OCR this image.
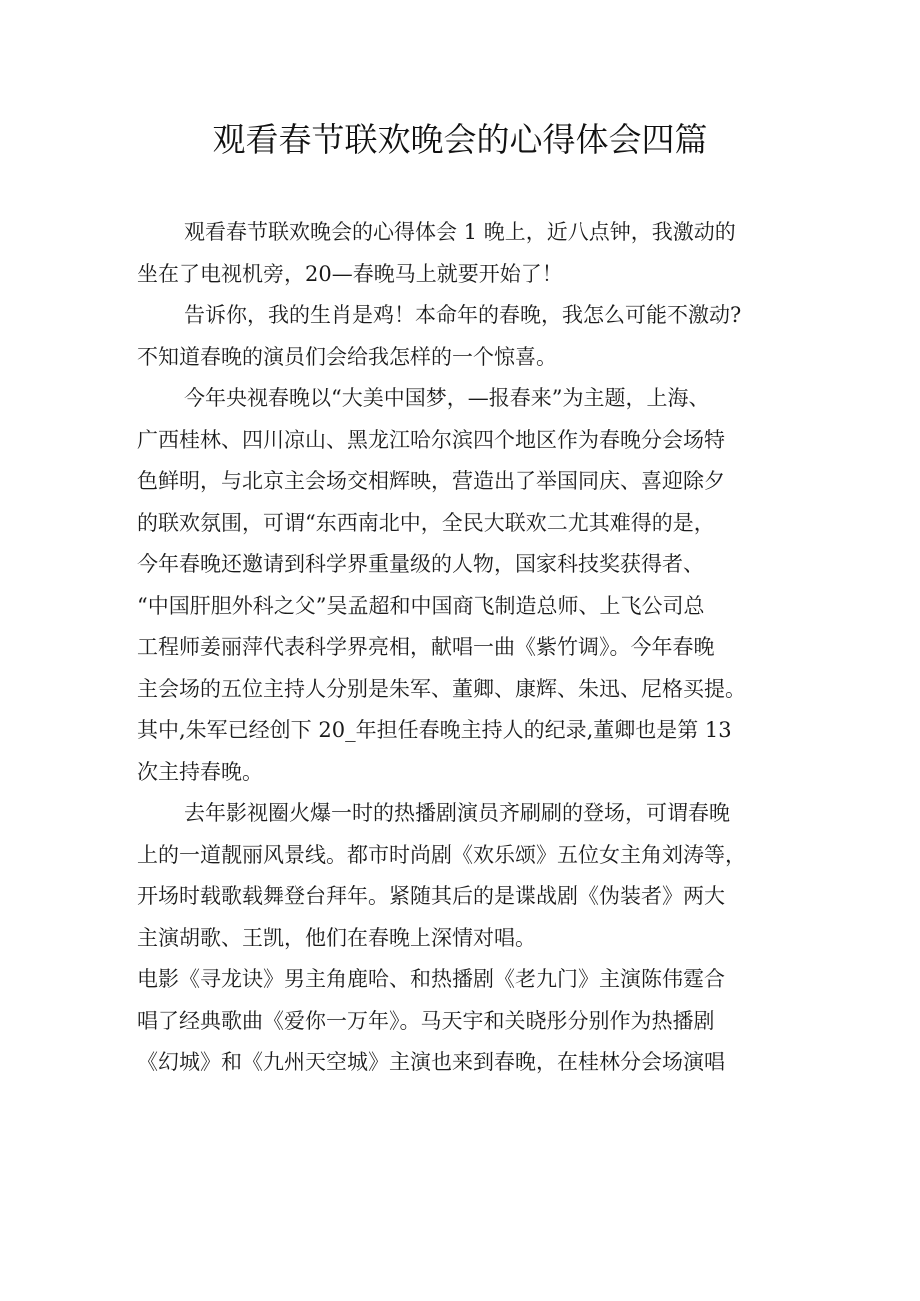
观看春节联欢晚会的心得体会四篇
观看春节联欢晚会的心得体会 1 晚上，近八点钟，我激动的
坐在了电视机旁，20—春晚马上就要开始了！
告诉你，我的生肖是鸡！本命年的春晚，我怎么可能不激动?
不知道春晚的演员们会给我怎样的一个惊喜。
今年央视春晚以“大美中国梦，—报春来”为主题，上海、
广西桂林、四川凉山、黑龙江哈尔滨四个地区作为春晚分会场特
色鲜明，与北京主会场交相辉映，营造出了举国同庆、喜迎除夕
的联欢氛围，可谓“东西南北中，全民大联欢二尤其难得的是，
今年春晚还邀请到科学界重量级的人物，国家科技奖获得者、
“中国肝胆外科之父”吴孟超和中国商飞制造总师、上飞公司总
工程师姜丽萍代表科学界亮相，献唱一曲《紫竹调》。今年春晚
主会场的五位主持人分别是朱军、董卿、康辉、朱迅、尼格买提。
其中,朱军已经创下 20_年担任春晚主持人的纪录,董卿也是第 13
次主持春晚。
去年影视圈火爆一时的热播剧演员齐刷刷的登场，可谓春晚
上的一道靓丽风景线。都市时尚剧《欢乐颂》五位女主角刘涛等，
开场时载歌载舞登台拜年。紧随其后的是谍战剧《伪装者》两大
主演胡歌、王凯，他们在春晚上深情对唱。
电影《寻龙诀》男主角鹿哈、和热播剧《老九门》主演陈伟霆合
唱了经典歌曲《爱你一万年》。马天宇和关晓彤分别作为热播剧
《幻城》和《九州天空城》主演也来到春晚，在桂林分会场演唱
